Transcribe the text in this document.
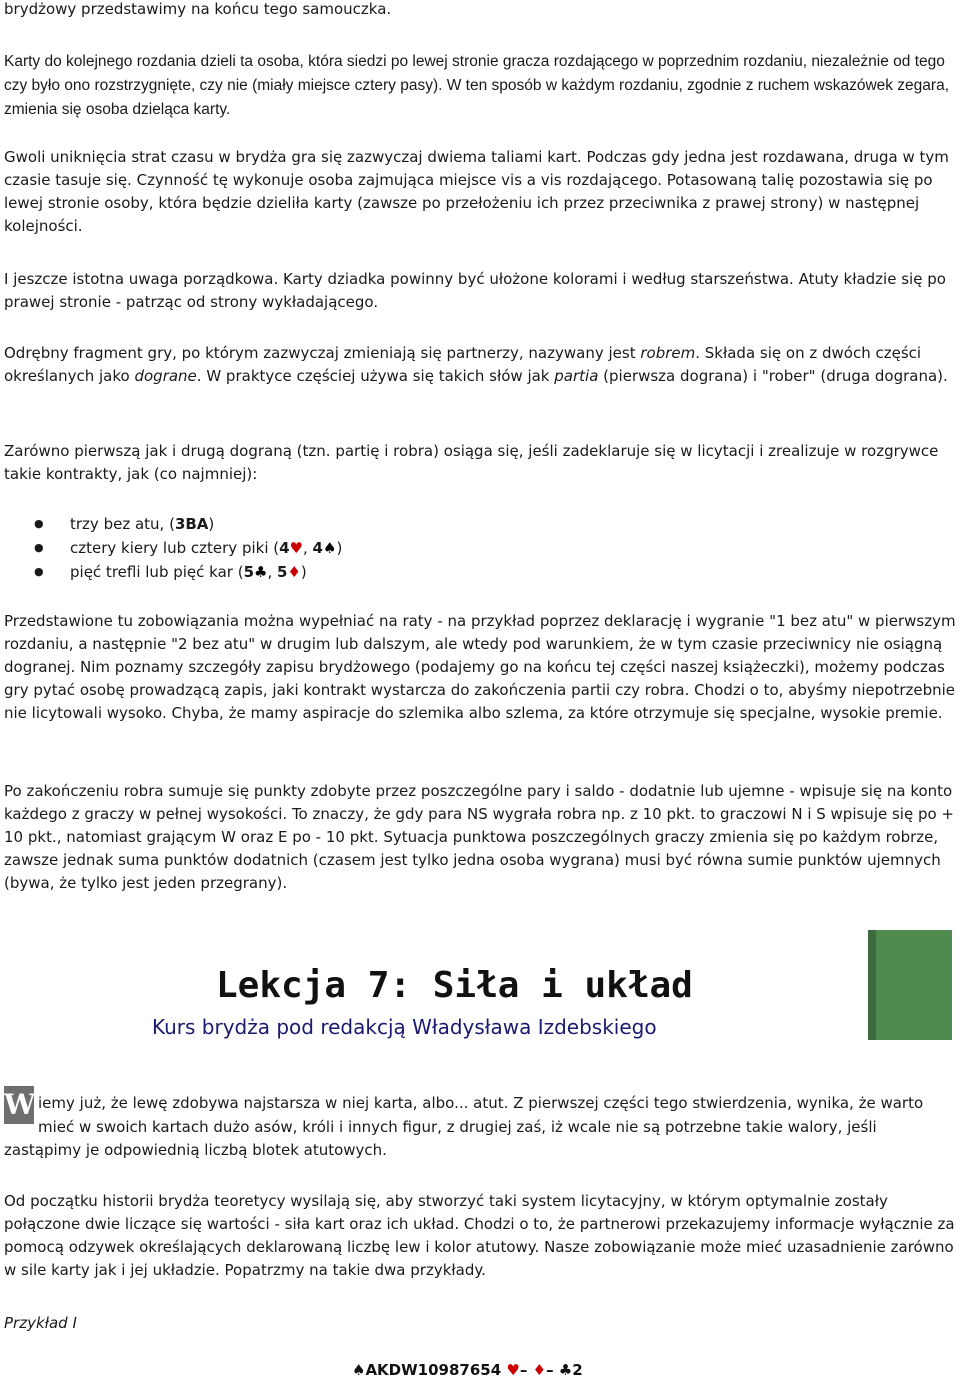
brydżowy przedstawimy na końcu tego samouczka.

Karty do kolejnego rozdania dzieli ta osoba, która siedzi po lewej stronie gracza rozdającego w poprzednim rozdaniu, niezależnie od tego czy było ono rozstrzygnięte, czy nie (miały miejsce cztery pasy). W ten sposób w każdym rozdaniu, zgodnie z ruchem wskazówek zegara, zmienia się osoba dzieląca karty.

Gwoli uniknięcia strat czasu w brydża gra się zazwyczaj dwiema taliami kart. Podczas gdy jedna jest rozdawana, druga w tym czasie tasuje się. Czynność tę wykonuje osoba zajmująca miejsce vis a vis rozdającego. Potasowaną talię pozostawia się po lewej stronie osoby, która będzie dzieliła karty (zawsze po przełożeniu ich przez przeciwnika z prawej strony) w następnej kolejności.

I jeszcze istotna uwaga porządkowa. Karty dziadka powinny być ułożone kolorami i według starszeństwa. Atuty kładzie się po prawej stronie - patrząc od strony wykładającego.

Odrębny fragment gry, po którym zazwyczaj zmieniają się partnerzy, nazywany jest robrem. Składa się on z dwóch części określanych jako dograne. W praktyce częściej używa się takich słów jak partia (pierwsza dograna) i "rober" (druga dograna).

Zarówno pierwszą jak i drugą dograną (tzn. partię i robra) osiąga się, jeśli zadeklaruje się w licytacji i zrealizuje w rozgrywce takie kontrakty, jak (co najmniej):

● trzy bez atu, (3BA)
● cztery kiery lub cztery piki (4♥, 4♠)
● pięć trefli lub pięć kar (5♣, 5♦)

Przedstawione tu zobowiązania można wypełniać na raty - na przykład poprzez deklarację i wygranie "1 bez atu" w pierwszym rozdaniu, a następnie "2 bez atu" w drugim lub dalszym, ale wtedy pod warunkiem, że w tym czasie przeciwnicy nie osiągną dogranej. Nim poznamy szczegóły zapisu brydżowego (podajemy go na końcu tej części naszej książeczki), możemy podczas gry pytać osobę prowadzącą zapis, jaki kontrakt wystarcza do zakończenia partii czy robra. Chodzi o to, abyśmy niepotrzebnie nie licytowali wysoko. Chyba, że mamy aspiracje do szlemika albo szlema, za które otrzymuje się specjalne, wysokie premie.

Po zakończeniu robra sumuje się punkty zdobyte przez poszczególne pary i saldo - dodatnie lub ujemne - wpisuje się na konto każdego z graczy w pełnej wysokości. To znaczy, że gdy para NS wygrała robra np. z 10 pkt. to graczowi N i S wpisuje się po + 10 pkt., natomiast grającym W oraz E po - 10 pkt. Sytuacja punktowa poszczególnych graczy zmienia się po każdym robrze, zawsze jednak suma punktów dodatnich (czasem jest tylko jedna osoba wygrana) musi być równa sumie punktów ujemnych (bywa, że tylko jest jeden przegrany).

Lekcja 7: Siła i układ
Kurs brydża pod redakcją Władysława Izdebskiego
W iemy już, że lewę zdobywa najstarsza w niej karta, albo... atut. Z pierwszej części tego stwierdzenia, wynika, że warto
mieć w swoich kartach dużo asów, króli i innych figur, z drugiej zaś, iż wcale nie są potrzebne takie walory, jeśli
zastąpimy je odpowiednią liczbą blotek atutowych.

Od początku historii brydża teoretycy wysilają się, aby stworzyć taki system licytacyjny, w którym optymalnie zostały połączone dwie liczące się wartości - siła kart oraz ich układ. Chodzi o to, że partnerowi przekazujemy informacje wyłącznie za pomocą odzywek określających deklarowaną liczbę lew i kolor atutowy. Nasze zobowiązanie może mieć uzasadnienie zarówno w sile karty jak i jej układzie. Popatrzmy na takie dwa przykłady.

Przykład I
♠AKDW10987654 ♥– ♦– ♣2
